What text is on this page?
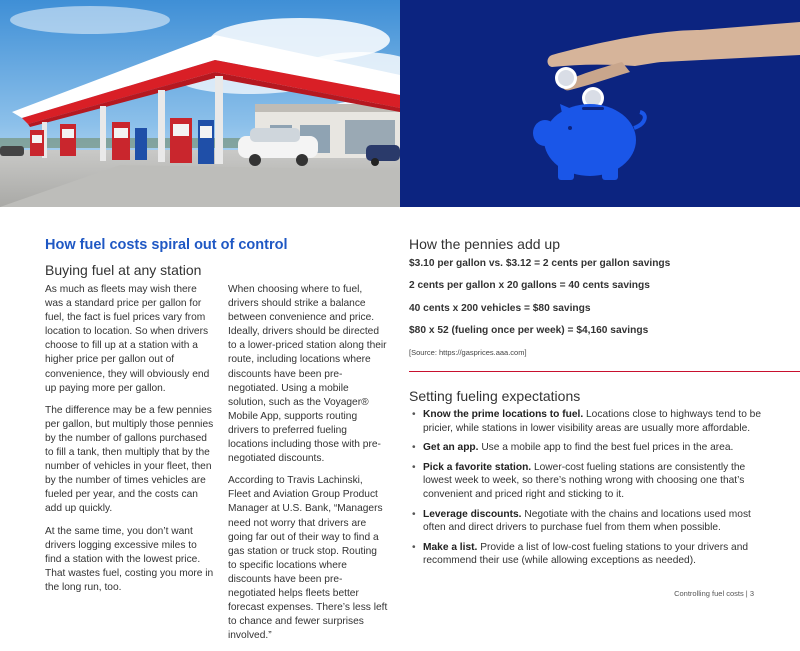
How fuel costs spiral out of control
Buying fuel at any station

As much as fleets may wish there was a standard price per gallon for fuel, the fact is fuel prices vary from location to location. So when drivers choose to fill up at a station with a higher price per gallon out of convenience, they will obviously end up paying more per gallon.

The difference may be a few pennies per gallon, but multiply those pennies by the number of gallons purchased to fill a tank, then multiply that by the number of vehicles in your fleet, then by the number of times vehicles are fueled per year, and the costs can add up quickly.

At the same time, you don’t want drivers logging excessive miles to find a station with the lowest price. That wastes fuel, costing you more in the long run, too.

When choosing where to fuel, drivers should strike a balance between convenience and price. Ideally, drivers should be directed to a lower-priced station along their route, including locations where discounts have been pre-negotiated. Using a mobile solution, such as the Voyager® Mobile App, supports routing drivers to preferred fueling locations including those with pre-negotiated discounts.

According to Travis Lachinski, Fleet and Aviation Group Product Manager at U.S. Bank, “Managers need not worry that drivers are going far out of their way to find a gas station or truck stop. Routing to specific locations where discounts have been pre-negotiated helps fleets better forecast expenses. There’s less left to chance and fewer surprises involved.”

How the pennies add up
$3.10 per gallon vs. $3.12 = 2 cents per gallon savings
2 cents per gallon x 20 gallons = 40 cents savings
40 cents x 200 vehicles = $80 savings
$80 x 52 (fueling once per week) = $4,160 savings
[Source: https://gasprices.aaa.com]
Setting fueling expectations
• Know the prime locations to fuel. Locations close to highways tend to be pricier, while stations in lower visibility areas are usually more affordable.
• Get an app. Use a mobile app to find the best fuel prices in the area.
• Pick a favorite station. Lower-cost fueling stations are consistently the lowest week to week, so there’s nothing wrong with choosing one that’s convenient and priced right and sticking to it.
• Leverage discounts. Negotiate with the chains and locations used most often and direct drivers to purchase fuel from them when possible.
• Make a list. Provide a list of low-cost fueling stations to your drivers and recommend their use (while allowing exceptions as needed).
Controlling fuel costs | 3
